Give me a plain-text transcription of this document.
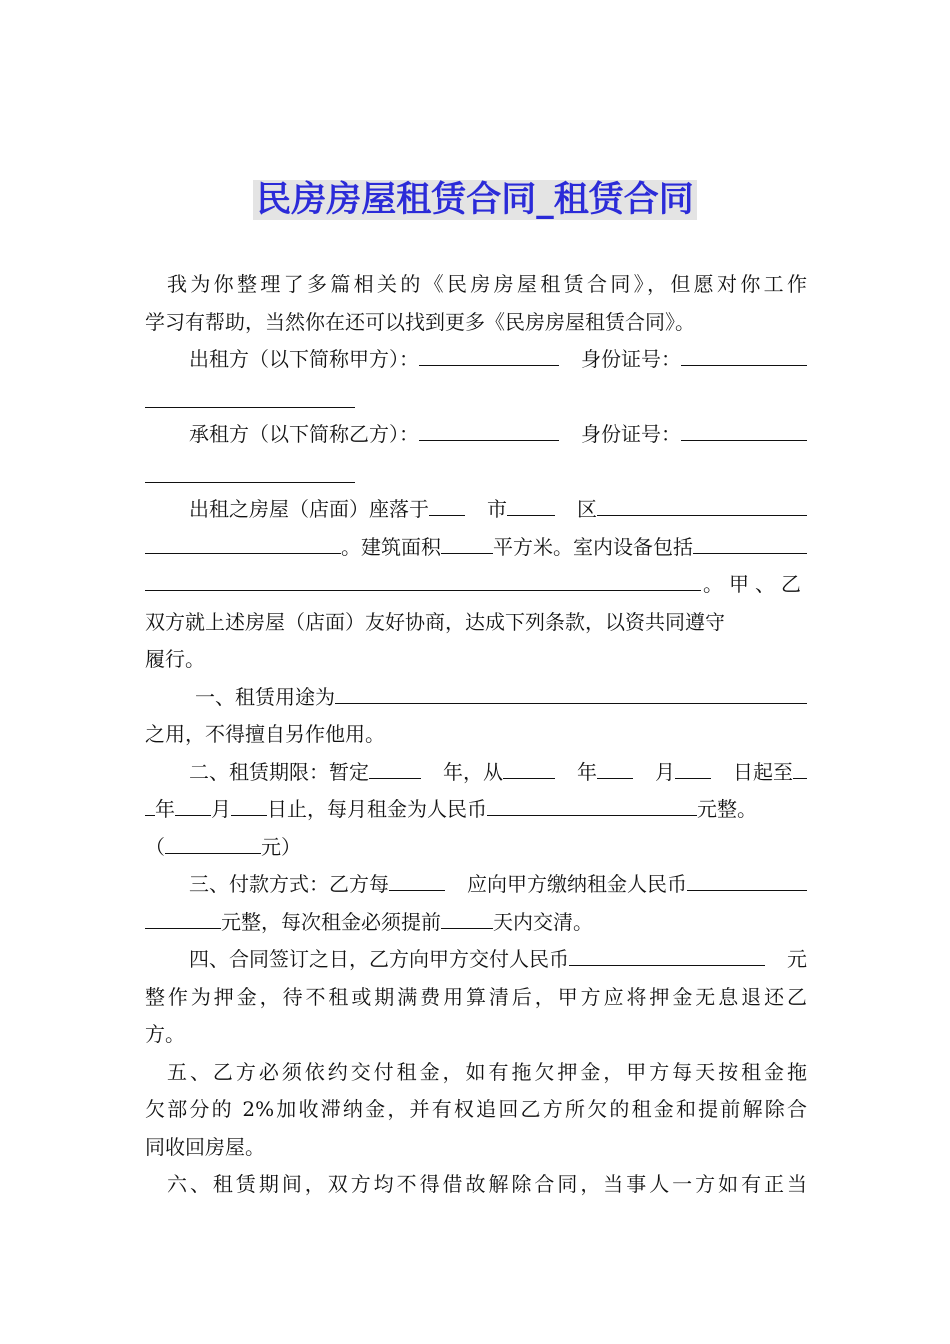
民房房屋租赁合同_租赁合同

我为你整理了多篇相关的《民房房屋租赁合同》，但愿对你工作
学习有帮助，当然你在还可以找到更多《民房房屋租赁合同》。

出租方（以下简称甲方）：	身份证号：

承租方（以下简称乙方）：	身份证号：

出租之房屋（店面）座落于	市	区
。建筑面积	平方米。室内设备包括
。甲、乙
双方就上述房屋（店面）友好协商，达成下列条款，以资共同遵守
履行。

一、租赁用途为
之用，不得擅自另作他用。

二、租赁期限：暂定	年，从	年	月	日起至
年 月 日止，每月租金为人民币	元整。
（	元）

三、付款方式：乙方每	应向甲方缴纳租金人民币
元整，每次租金必须提前	天内交清。

四、合同签订之日，乙方向甲方交付人民币	元
整作为押金，待不租或期满费用算清后，甲方应将押金无息退还乙
方。

五、乙方必须依约交付租金，如有拖欠押金，甲方每天按租金拖
欠部分的 2%加收滞纳金，并有权追回乙方所欠的租金和提前解除合
同收回房屋。

六、租赁期间，双方均不得借故解除合同，当事人一方如有正当
